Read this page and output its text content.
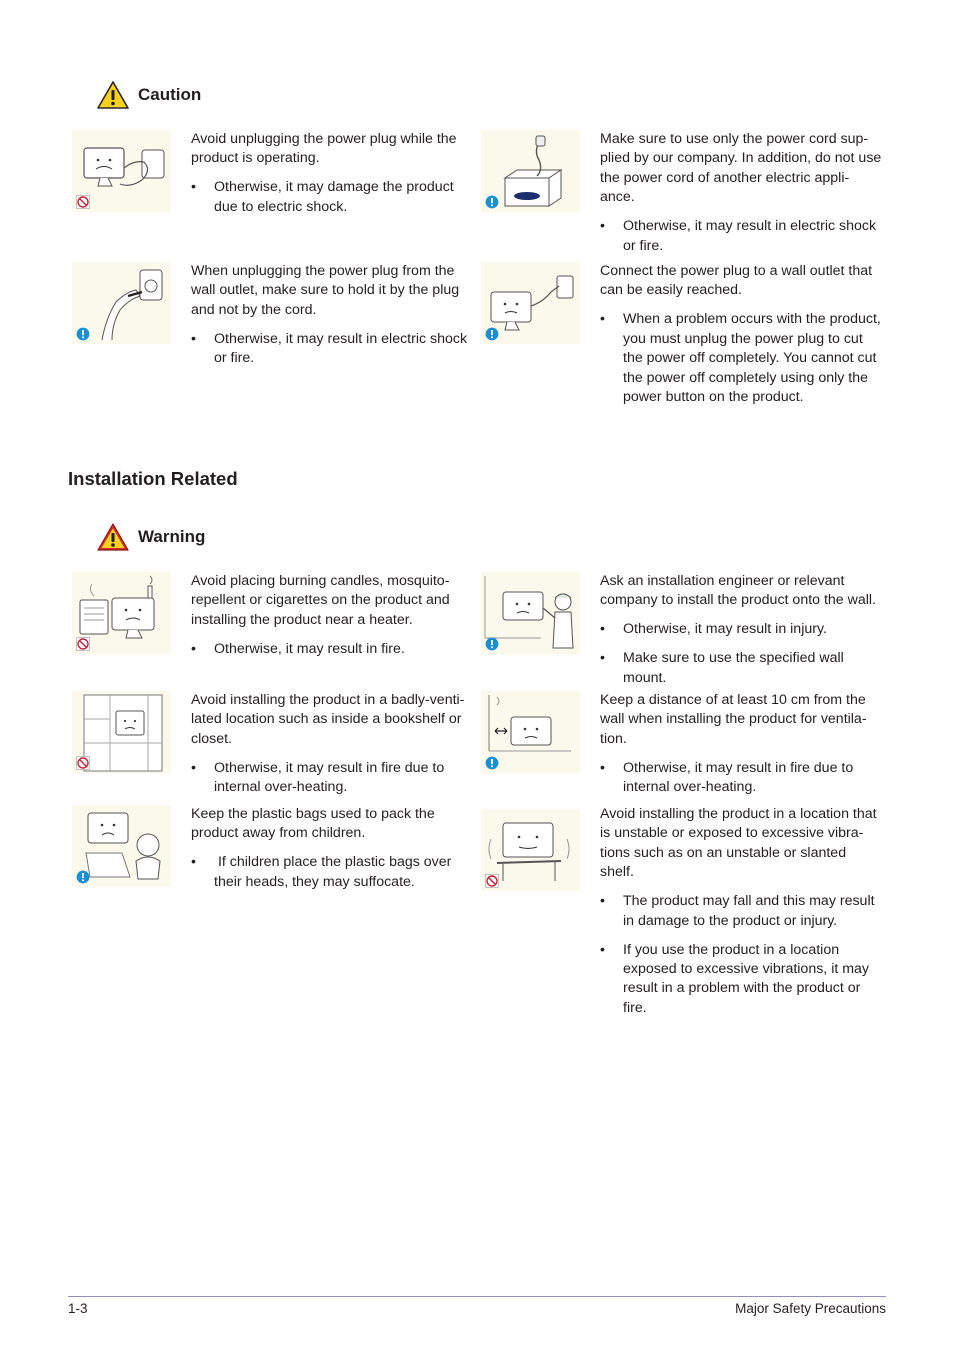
Caution

Avoid unplugging the power plug while the product is operating.

• Otherwise, it may damage the product due to electric shock.

Make sure to use only the power cord sup-plied by our company. In addition, do not use the power cord of another electric appli-ance.

• Otherwise, it may result in electric shock or fire.

When unplugging the power plug from the wall outlet, make sure to hold it by the plug and not by the cord.

• Otherwise, it may result in electric shock or fire.

Connect the power plug to a wall outlet that can be easily reached.

• When a problem occurs with the product, you must unplug the power plug to cut the power off completely. You cannot cut the power off completely using only the power button on the product.
Installation Related
Warning

Avoid placing burning candles, mosquito-repellent or cigarettes on the product and installing the product near a heater.

• Otherwise, it may result in fire.

Ask an installation engineer or relevant company to install the product onto the wall.

• Otherwise, it may result in injury.
• Make sure to use the specified wall mount.

Avoid installing the product in a badly-venti-lated location such as inside a bookshelf or closet.

• Otherwise, it may result in fire due to internal over-heating.

Keep a distance of at least 10 cm from the wall when installing the product for ventila-tion.

• Otherwise, it may result in fire due to internal over-heating.

Keep the plastic bags used to pack the product away from children.

•  If children place the plastic bags over their heads, they may suffocate.

Avoid installing the product in a location that is unstable or exposed to excessive vibra-tions such as on an unstable or slanted shelf.

• The product may fall and this may result in damage to the product or injury.
• If you use the product in a location exposed to excessive vibrations, it may result in a problem with the product or fire.
1-3	Major Safety Precautions
